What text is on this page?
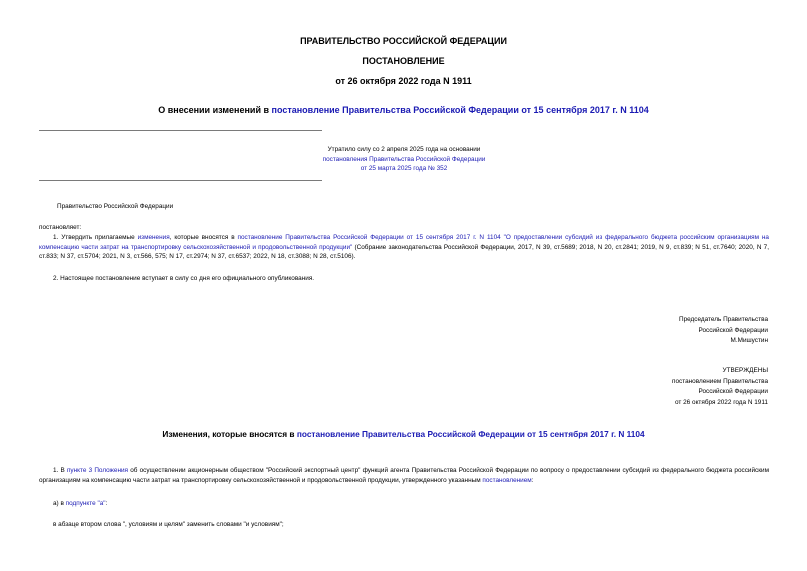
ПРАВИТЕЛЬСТВО РОССИЙСКОЙ ФЕДЕРАЦИИ
ПОСТАНОВЛЕНИЕ
от 26 октября 2022 года N 1911
О внесении изменений в постановление Правительства Российской Федерации от 15 сентября 2017 г. N 1104
Утратило силу со 2 апреля 2025 года на основании
постановления Правительства Российской Федерации
от 25 марта 2025 года № 352
Правительство Российской Федерации
постановляет:
1. Утвердить прилагаемые изменения, которые вносятся в постановление Правительства Российской Федерации от 15 сентября 2017 г. N 1104 "О предоставлении субсидий из федерального бюджета российским организациям на компенсацию части затрат на транспортировку сельскохозяйственной и продовольственной продукции" (Собрание законодательства Российской Федерации, 2017, N 39, ст.5689; 2018, N 20, ст.2841; 2019, N 9, ст.839; N 51, ст.7640; 2020, N 7, ст.833; N 37, ст.5704; 2021, N 3, ст.566, 575; N 17, ст.2974; N 37, ст.6537; 2022, N 18, ст.3088; N 28, ст.5106).
2. Настоящее постановление вступает в силу со дня его официального опубликования.
Председатель Правительства
Российской Федерации
М.Мишустин
УТВЕРЖДЕНЫ
постановлением Правительства
Российской Федерации
от 26 октября 2022 года N 1911
Изменения, которые вносятся в постановление Правительства Российской Федерации от 15 сентября 2017 г. N 1104
1. В пункте 3 Положения об осуществлении акционерным обществом "Российский экспортный центр" функций агента Правительства Российской Федерации по вопросу о предоставлении субсидий из федерального бюджета российским организациям на компенсацию части затрат на транспортировку сельскохозяйственной и продовольственной продукции, утвержденного указанным постановлением:
а) в подпункте "а":
в абзаце втором слова ", условиям и целям" заменить словами "и условиям";
